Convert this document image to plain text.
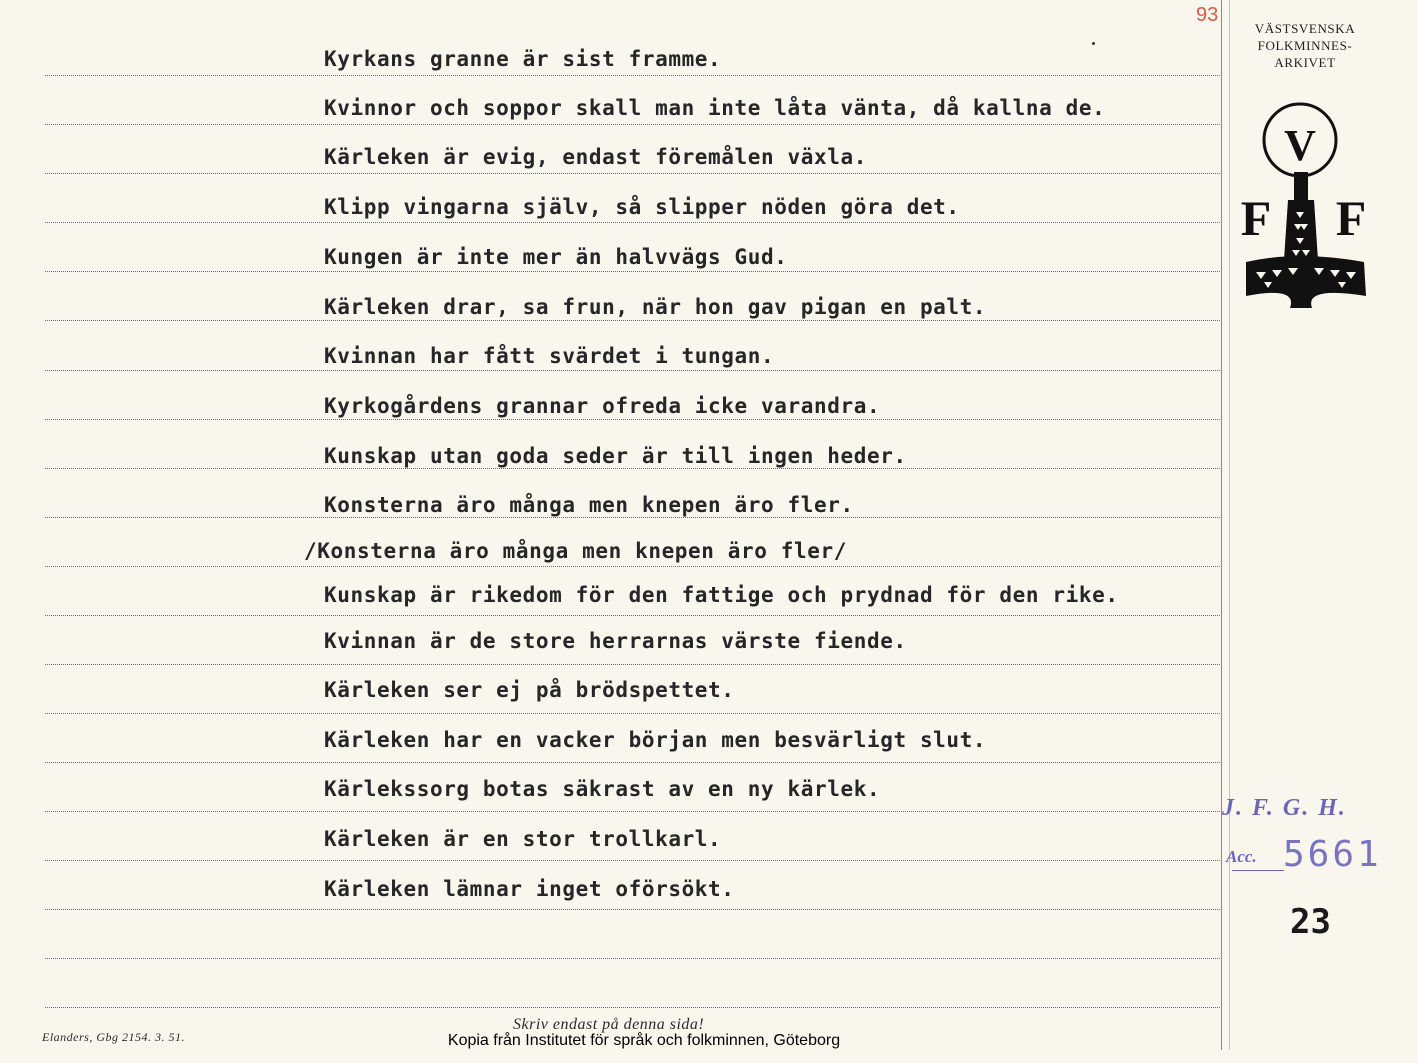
93
Kyrkans granne är sist framme.
Kvinnor och soppor skall man inte låta vänta, då kallna de.
Kärleken är evig, endast föremålen växla.
Klipp vingarna själv, så slipper nöden göra det.
Kungen är inte mer än halvvägs Gud.
Kärleken drar, sa frun, när hon gav pigan en palt.
Kvinnan har fått svärdet i tungan.
Kyrkogårdens grannar ofreda icke varandra.
Kunskap utan goda seder är till ingen heder.
Konsterna äro många men knepen äro fler.
/Konsterna äro många men knepen äro fler/
Kunskap är rikedom för den fattige och prydnad för den rike.
Kvinnan är de store herrarnas värste fiende.
Kärleken ser ej på brödspettet.
Kärleken har en vacker början men besvärligt slut.
Kärlekssorg botas säkrast av en ny kärlek.
Kärleken är en stor trollkarl.
Kärleken lämnar inget oförsökt.
VÄSTSVENSKA
FOLKMINNES-
ARKIVET
V
F F
J. F. G. H.
Acc. 5661
23
Elanders, Gbg 2154. 3. 51.
Skriv endast på denna sida!
Kopia från Institutet för språk och folkminnen, Göteborg
